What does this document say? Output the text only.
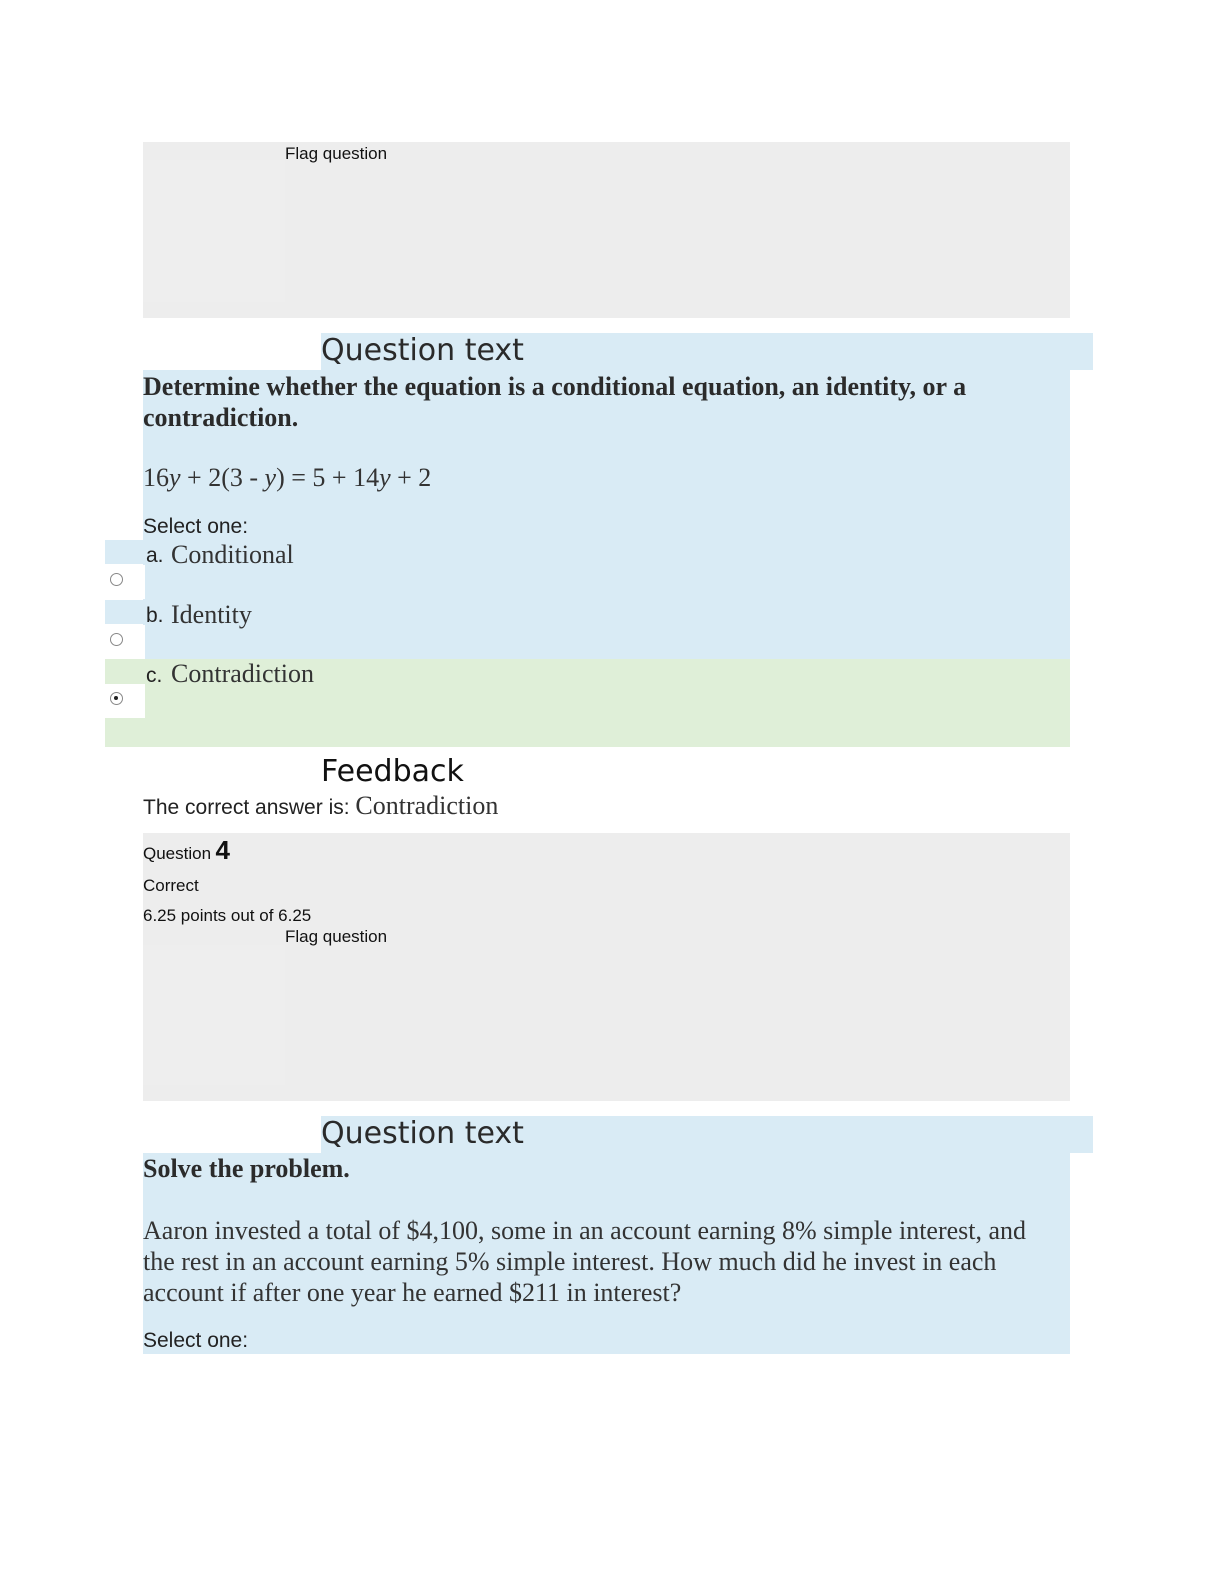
Flag question
Question text
Determine whether the equation is a conditional equation, an identity, or a contradiction.
16y + 2(3 - y) = 5 + 14y + 2
Select one:
a. Conditional
b. Identity
c. Contradiction
Feedback
The correct answer is: Contradiction
Question 4
Correct
6.25 points out of 6.25
Flag question
Question text
Solve the problem.
Aaron invested a total of $4,100, some in an account earning 8% simple interest, and the rest in an account earning 5% simple interest. How much did he invest in each account if after one year he earned $211 in interest?
Select one:
